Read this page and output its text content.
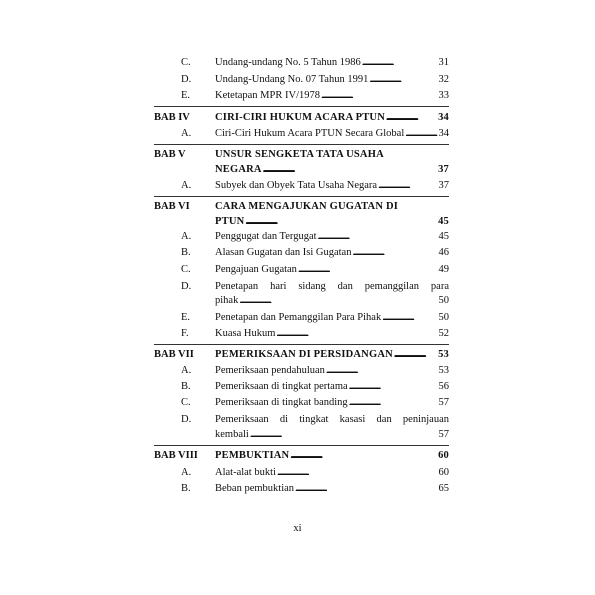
C.	Undang-undang No. 5 Tahun 1986 . . .	31
D.	Undang-Undang No. 07 Tahun 1991 . . .	32
E.	Ketetapan MPR IV/1978 . . .	33
BAB IV	CIRI-CIRI HUKUM ACARA PTUN . . .	34
A.	Ciri-Ciri Hukum Acara PTUN Secara Global . . .	34
BAB V	UNSUR SENGKETA TATA USAHA
NEGARA . . .	37
A.	Subyek dan Obyek Tata Usaha Negara . . .	37
BAB VI	CARA MENGAJUKAN GUGATAN DI
PTUN . . .	45
A.	Penggugat dan Tergugat . . .	45
B.	Alasan Gugatan dan Isi Gugatan . . .	46
C.	Pengajuan Gugatan . . .	49
D.	Penetapan hari sidang dan pemanggilan para
pihak . . .	50
E.	Penetapan dan Pemanggilan Para Pihak . . .	50
F.	Kuasa Hukum . . .	52
BAB VII	PEMERIKSAAN DI PERSIDANGAN . . .	53
A.	Pemeriksaan pendahuluan . . .	53
B.	Pemeriksaan di tingkat pertama . . .	56
C.	Pemeriksaan di tingkat banding . . .	57
D.	Pemeriksaan di tingkat kasasi dan peninjauan
kembali . . .	57
BAB VIII	PEMBUKTIAN . . .	60
A.	Alat-alat bukti . . .	60
B.	Beban pembuktian . . .	65
xi
